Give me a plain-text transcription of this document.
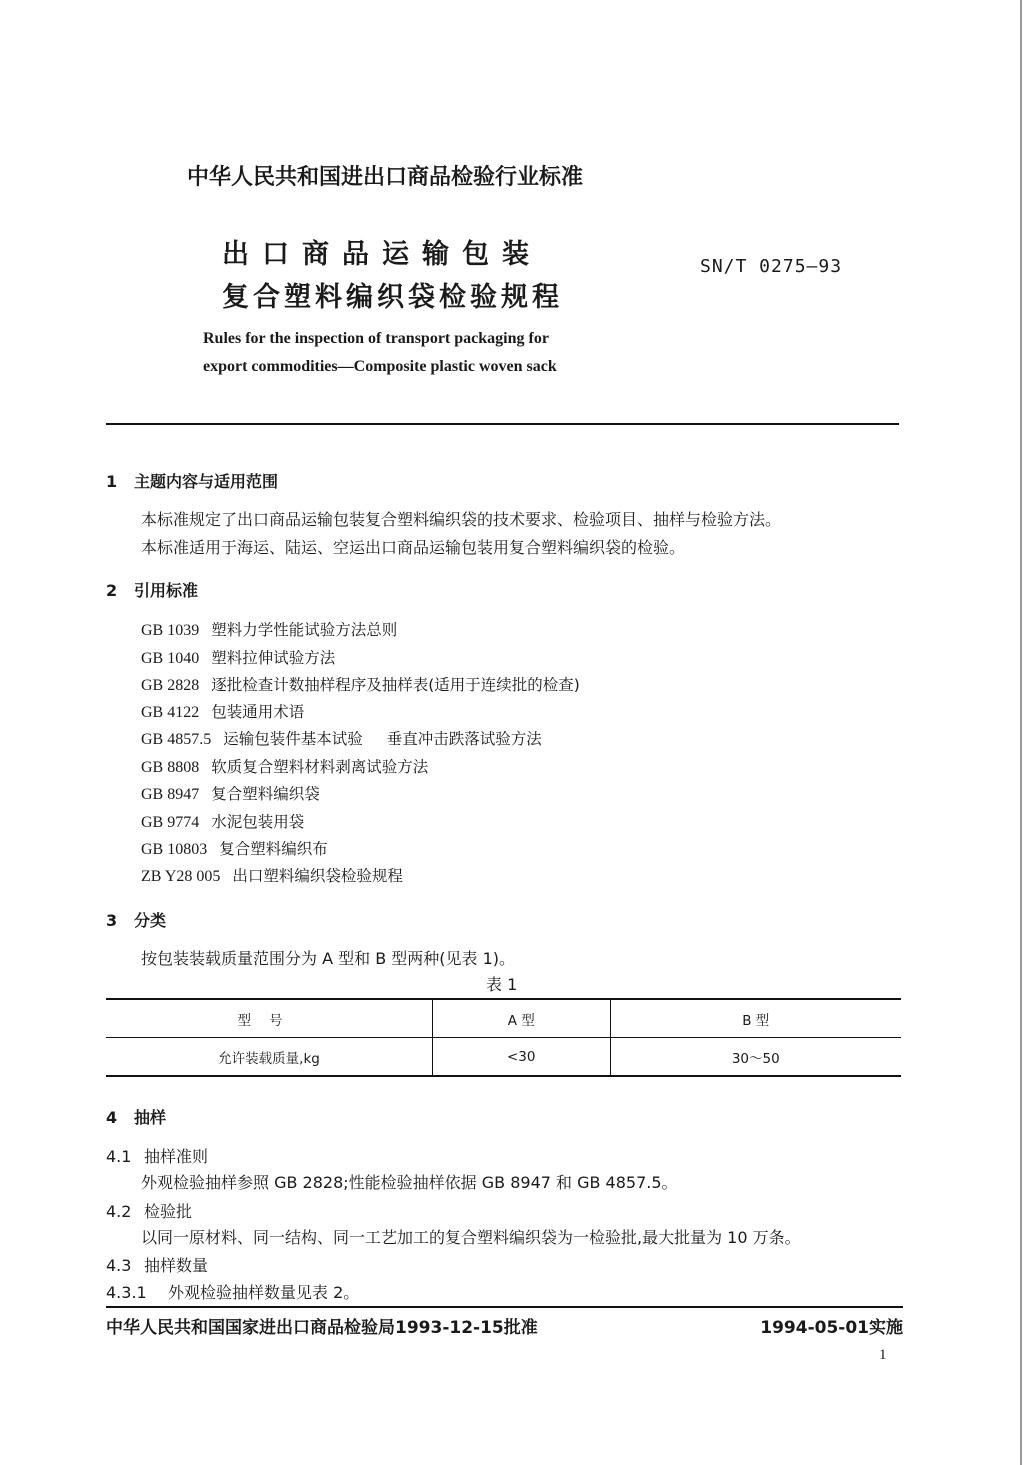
中华人民共和国进出口商品检验行业标准
出口商品运输包装
复合塑料编织袋检验规程
SN/T 0275—93
Rules for the inspection of transport packaging for
export commodities—Composite plastic woven sack
1 主题内容与适用范围
本标准规定了出口商品运输包装复合塑料编织袋的技术要求、检验项目、抽样与检验方法。
本标准适用于海运、陆运、空运出口商品运输包装用复合塑料编织袋的检验。
2 引用标准
GB 1039 塑料力学性能试验方法总则
GB 1040 塑料拉伸试验方法
GB 2828 逐批检查计数抽样程序及抽样表(适用于连续批的检查)
GB 4122 包装通用术语
GB 4857.5 运输包装件基本试验 垂直冲击跌落试验方法
GB 8808 软质复合塑料材料剥离试验方法
GB 8947 复合塑料编织袋
GB 9774 水泥包装用袋
GB 10803 复合塑料编织布
ZB Y28 005 出口塑料编织袋检验规程
3 分类
按包装装载质量范围分为 A 型和 B 型两种(见表 1)。
表 1
型号	A 型	B 型
允许装载质量,kg	<30	30～50
4 抽样
4.1 抽样准则
外观检验抽样参照 GB 2828;性能检验抽样依据 GB 8947 和 GB 4857.5。
4.2 检验批
以同一原材料、同一结构、同一工艺加工的复合塑料编织袋为一检验批,最大批量为 10 万条。
4.3 抽样数量
4.3.1 外观检验抽样数量见表 2。
中华人民共和国国家进出口商品检验局1993-12-15批准	1994-05-01实施
1
